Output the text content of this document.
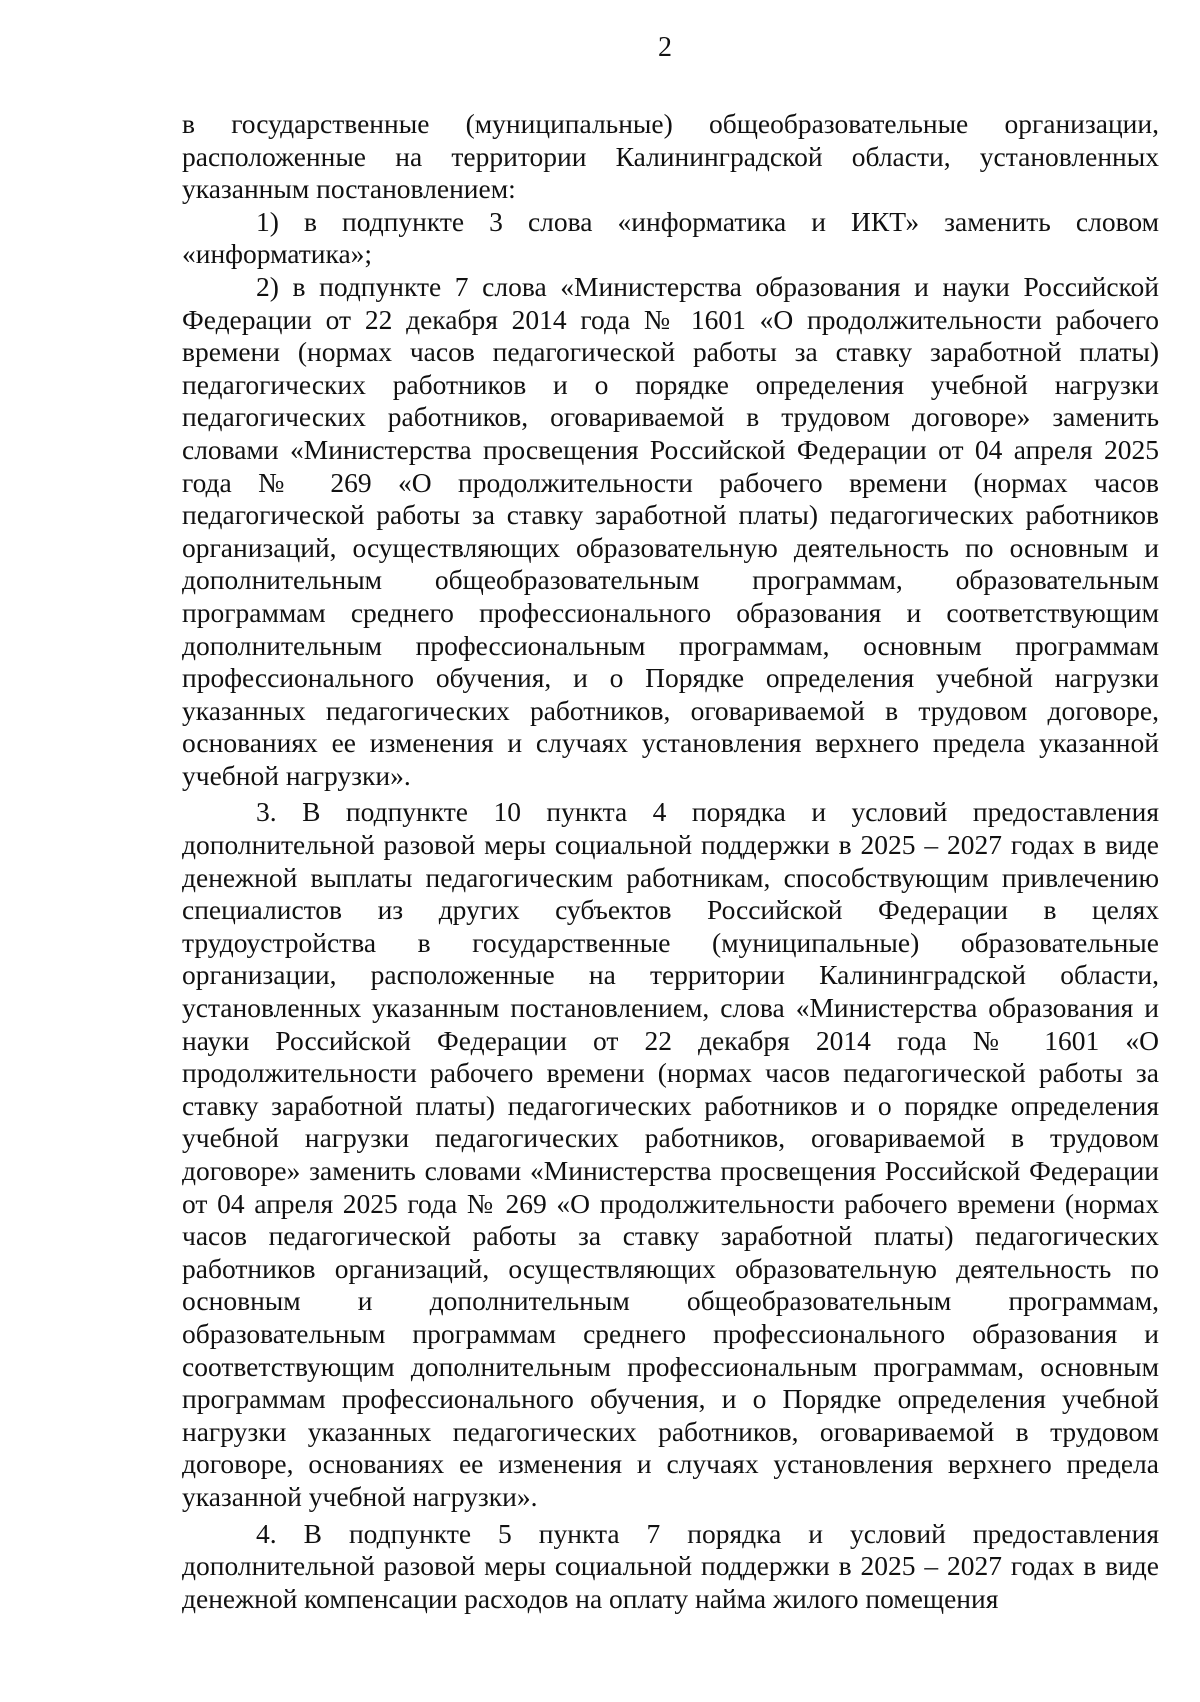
2

в государственные (муниципальные) общеобразовательные организации, расположенные на территории Калининградской области, установленных указанным постановлением:

1) в подпункте 3 слова «информатика и ИКТ» заменить словом «информатика»;

2) в подпункте 7 слова «Министерства образования и науки Российской Федерации от 22 декабря 2014 года № 1601 «О продолжительности рабочего времени (нормах часов педагогической работы за ставку заработной платы) педагогических работников и о порядке определения учебной нагрузки педагогических работников, оговариваемой в трудовом договоре» заменить словами «Министерства просвещения Российской Федерации от 04 апреля 2025 года № 269 «О продолжительности рабочего времени (нормах часов педагогической работы за ставку заработной платы) педагогических работников организаций, осуществляющих образовательную деятельность по основным и дополнительным общеобразовательным программам, образовательным программам среднего профессионального образования и соответствующим дополнительным профессиональным программам, основным программам профессионального обучения, и о Порядке определения учебной нагрузки указанных педагогических работников, оговариваемой в трудовом договоре, основаниях ее изменения и случаях установления верхнего предела указанной учебной нагрузки».

3. В подпункте 10 пункта 4 порядка и условий предоставления дополнительной разовой меры социальной поддержки в 2025 – 2027 годах в виде денежной выплаты педагогическим работникам, способствующим привлечению специалистов из других субъектов Российской Федерации в целях трудоустройства в государственные (муниципальные) образовательные организации, расположенные на территории Калининградской области, установленных указанным постановлением, слова «Министерства образования и науки Российской Федерации от 22 декабря 2014 года № 1601 «О продолжительности рабочего времени (нормах часов педагогической работы за ставку заработной платы) педагогических работников и о порядке определения учебной нагрузки педагогических работников, оговариваемой в трудовом договоре» заменить словами «Министерства просвещения Российской Федерации от 04 апреля 2025 года № 269 «О продолжительности рабочего времени (нормах часов педагогической работы за ставку заработной платы) педагогических работников организаций, осуществляющих образовательную деятельность по основным и дополнительным общеобразовательным программам, образовательным программам среднего профессионального образования и соответствующим дополнительным профессиональным программам, основным программам профессионального обучения, и о Порядке определения учебной нагрузки указанных педагогических работников, оговариваемой в трудовом договоре, основаниях ее изменения и случаях установления верхнего предела указанной учебной нагрузки».

4. В подпункте 5 пункта 7 порядка и условий предоставления дополнительной разовой меры социальной поддержки в 2025 – 2027 годах в виде денежной компенсации расходов на оплату найма жилого помещения
